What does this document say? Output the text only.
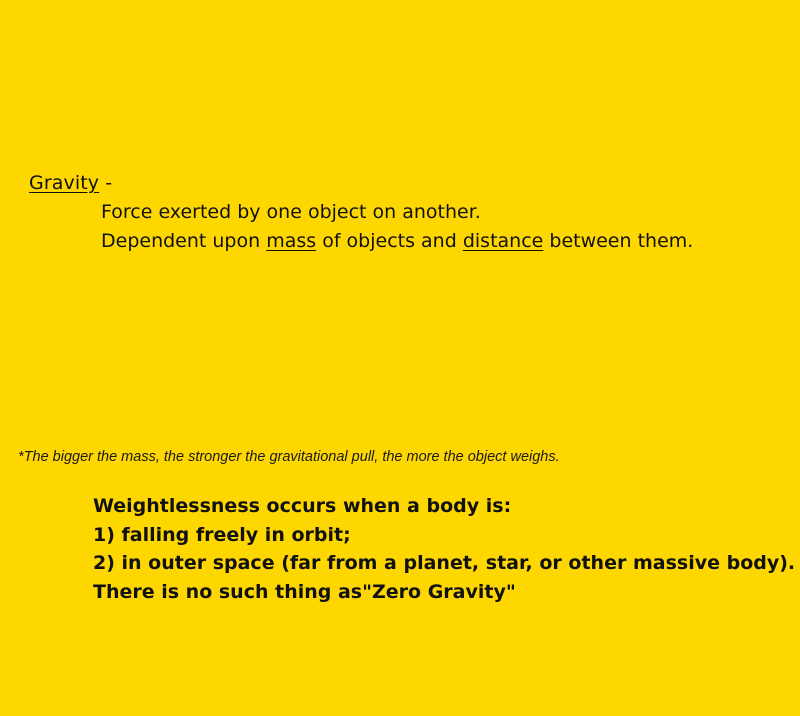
Gravity -
Force exerted by one object on another.
Dependent upon mass of objects and distance between them.
*The bigger the mass, the stronger the gravitational pull, the more the object weighs.
Weightlessness occurs when a body is:
1) falling freely in orbit;
2) in outer space (far from a planet, star, or other massive body).
There is no such thing as"Zero Gravity"
